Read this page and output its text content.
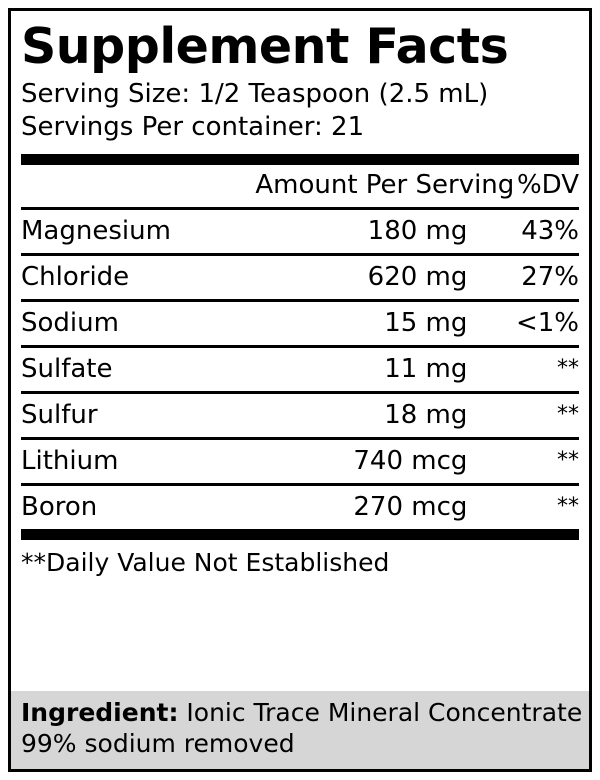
Supplement Facts
Serving Size: 1/2 Teaspoon (2.5 mL)
Servings Per container: 21
	Amount Per Serving	%DV
Magnesium	180 mg	43%
Chloride	620 mg	27%
Sodium	15 mg	<1%
Sulfate	11 mg	**
Sulfur	18 mg	**
Lithium	740 mcg	**
Boron	270 mcg	**
**Daily Value Not Established
Ingredient: Ionic Trace Mineral Concentrate
99% sodium removed
